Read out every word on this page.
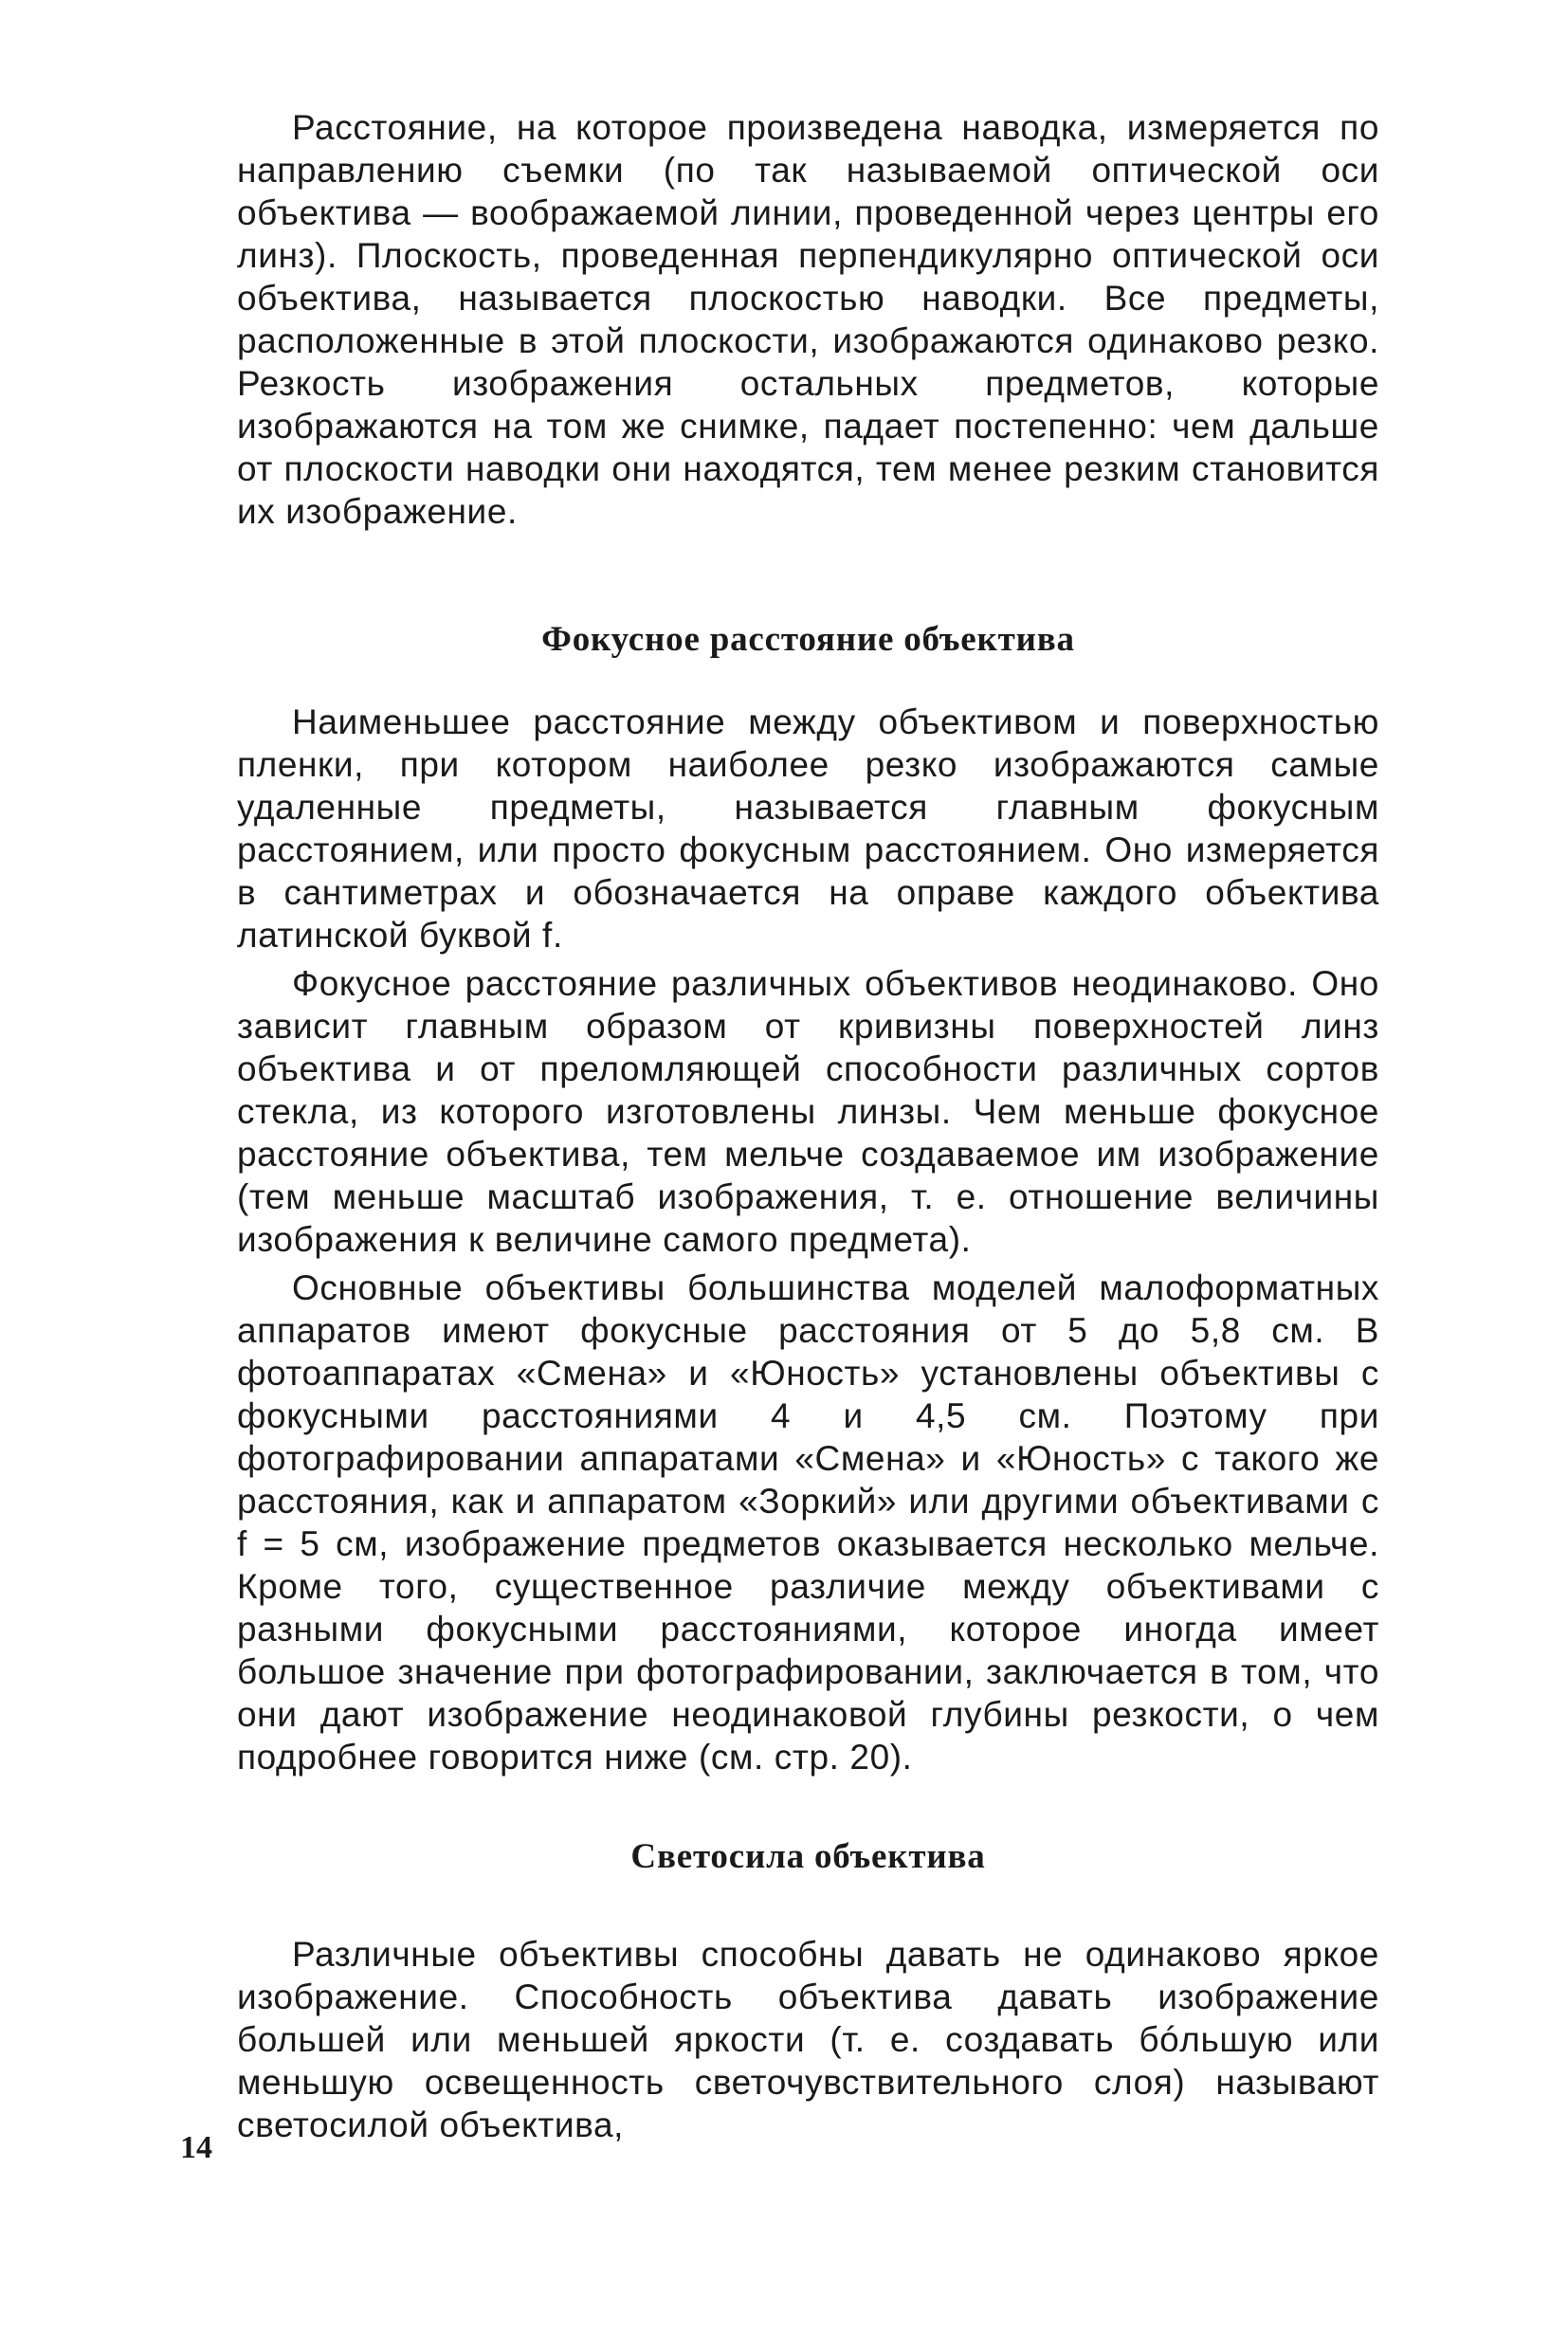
Расстояние, на которое произведена наводка, измеряется по направлению съемки (по так называемой оптической оси объектива — воображаемой линии, проведенной через центры его линз). Плоскость, проведенная перпендикулярно оптической оси объектива, называется плоскостью наводки. Все предметы, расположенные в этой плоскости, изображаются одинаково резко. Резкость изображения остальных предметов, которые изображаются на том же снимке, падает постепенно: чем дальше от плоскости наводки они находятся, тем менее резким становится их изображение.

Фокусное расстояние объектива

Наименьшее расстояние между объективом и поверхностью пленки, при котором наиболее резко изображаются самые удаленные предметы, называется главным фокусным расстоянием, или просто фокусным расстоянием. Оно измеряется в сантиметрах и обозначается на оправе каждого объектива латинской буквой f.

Фокусное расстояние различных объективов неодинаково. Оно зависит главным образом от кривизны поверхностей линз объектива и от преломляющей способности различных сортов стекла, из которого изготовлены линзы. Чем меньше фокусное расстояние объектива, тем мельче создаваемое им изображение (тем меньше масштаб изображения, т. е. отношение величины изображения к величине самого предмета).

Основные объективы большинства моделей малоформатных аппаратов имеют фокусные расстояния от 5 до 5,8 см. В фотоаппаратах «Смена» и «Юность» установлены объективы с фокусными расстояниями 4 и 4,5 см. Поэтому при фотографировании аппаратами «Смена» и «Юность» с такого же расстояния, как и аппаратом «Зоркий» или другими объективами с f = 5 см, изображение предметов оказывается несколько мельче. Кроме того, существенное различие между объективами с разными фокусными расстояниями, которое иногда имеет большое значение при фотографировании, заключается в том, что они дают изображение неодинаковой глубины резкости, о чем подробнее говорится ниже (см. стр. 20).

Светосила объектива

Различные объективы способны давать не одинаково яркое изображение. Способность объектива давать изображение большей или меньшей яркости (т. е. создавать бóльшую или меньшую освещенность светочувствительного слоя) называют светосилой объектива,

14
